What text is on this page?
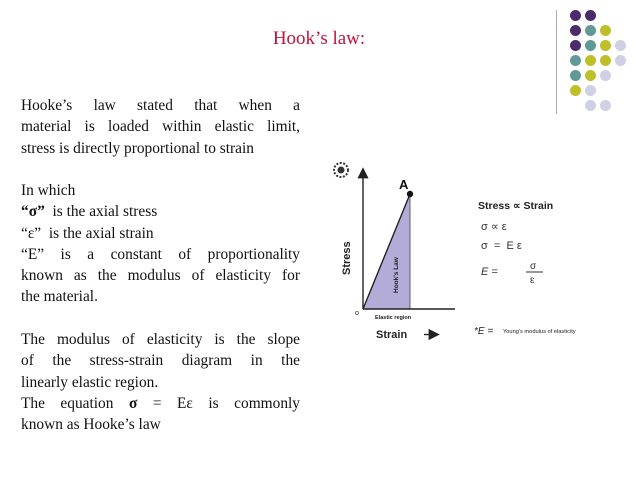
Hook’s law:

Hooke’s law stated that when a

material is loaded within elastic limit,

stress is directly proportional to strain

In which

“σ”  is the axial stress

“ε”  is the axial strain

“E” is a constant of proportionality

known as the modulus of elasticity for

the material.

The modulus of elasticity is the slope

of the stress-strain diagram in the

linearly elastic region.

The  equation  σ  =  Eε  is  commonly

known as Hooke’s law

A
Stress	Hook's Law
o
Elastic region
Strain
Stress ∝ Strain
σ ∝ ε
σ  =  E ε
E =	σ
ε
*E = Young's modulus of elasticity
